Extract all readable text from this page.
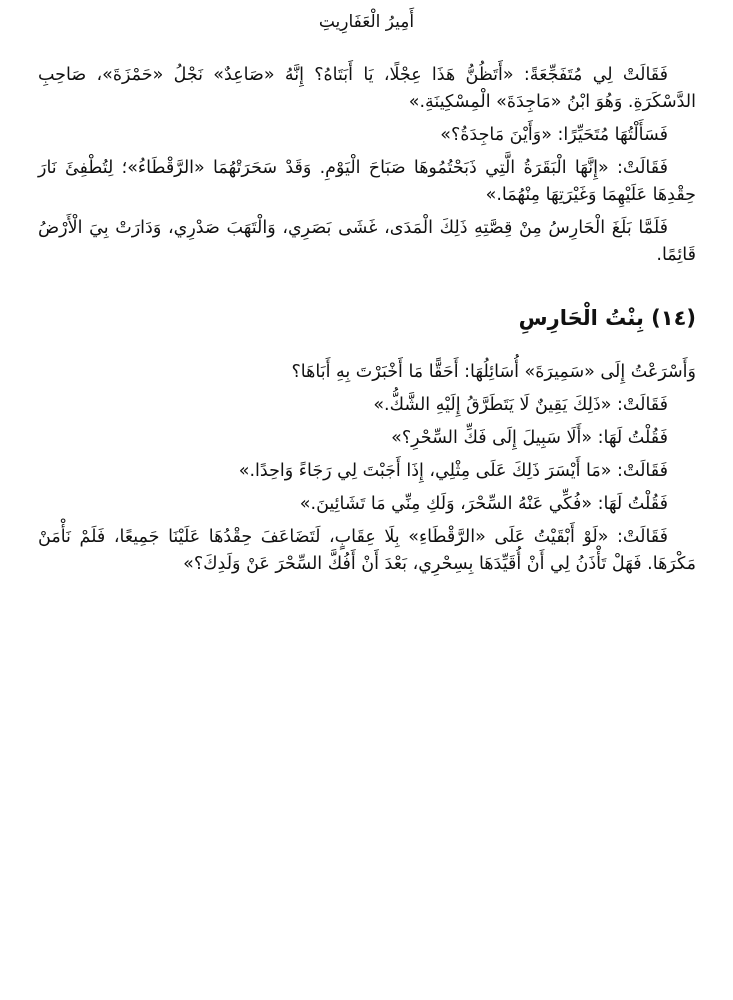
أَمِيرُ الْعَفَارِيتِ

فَقَالَتْ لِي مُتَفَجِّعَةً: «أَتَظُنُّ هَذَا عِجْلًا، يَا أَبَتَاهُ؟ إِنَّهُ «صَاعِدٌ» نَجْلُ «حَمْزَةَ»، صَاحِبِ الدَّسْكَرَةِ. وَهُوَ ابْنُ «مَاجِدَةَ» الْمِسْكِينَةِ.»

فَسَأَلْتُهَا مُتَحَيِّرًا: «وَأَيْنَ مَاجِدَةُ؟»

فَقَالَتْ: «إِنَّهَا الْبَقَرَةُ الَّتِي ذَبَحْتُمُوهَا صَبَاحَ الْيَوْمِ. وَقَدْ سَحَرَتْهُمَا «الرَّقْطَاءُ»؛ لِتُطْفِئَ نَارَ حِقْدِهَا عَلَيْهِمَا وَغَيْرَتِهَا مِنْهُمَا.»

فَلَمَّا بَلَغَ الْحَارِسُ مِنْ قِصَّتِهِ ذَلِكَ الْمَدَى، غَشَى بَصَرِي، وَالْتَهَبَ صَدْرِي، وَدَارَتْ بِيَ الْأَرْضُ قَائِمًا.

(١٤) بِنْتُ الْحَارِسِ

وَأَسْرَعْتُ إِلَى «سَمِيرَةَ» أُسَائِلُهَا: أَحَقًّا مَا أَخْبَرْتَ بِهِ أَبَاهَا؟

فَقَالَتْ: «ذَلِكَ يَقِينٌ لَا يَتَطَرَّقُ إِلَيْهِ الشَّكُّ.»

فَقُلْتُ لَهَا: «أَلَا سَبِيلَ إِلَى فَكِّ السِّحْرِ؟»

فَقَالَتْ: «مَا أَيْسَرَ ذَلِكَ عَلَى مِثْلِي، إِذَا أَجَبْتَ لِي رَجَاءً وَاحِدًا.»

فَقُلْتُ لَهَا: «فُكِّي عَنْهُ السِّحْرَ، وَلَكِ مِنِّي مَا تَشَائِينَ.»

فَقَالَتْ: «لَوْ أَبْقَيْتُ عَلَى «الرَّقْطَاءِ» بِلَا عِقَابٍ، لَتَضَاعَفَ حِقْدُهَا عَلَيْنَا جَمِيعًا، فَلَمْ نَأْمَنْ مَكْرَهَا. فَهَلْ تَأْذَنُ لِي أَنْ أُقَيِّدَهَا بِسِحْرِي، بَعْدَ أَنْ أَفُكَّ السِّحْرَ عَنْ وَلَدِكَ؟»
